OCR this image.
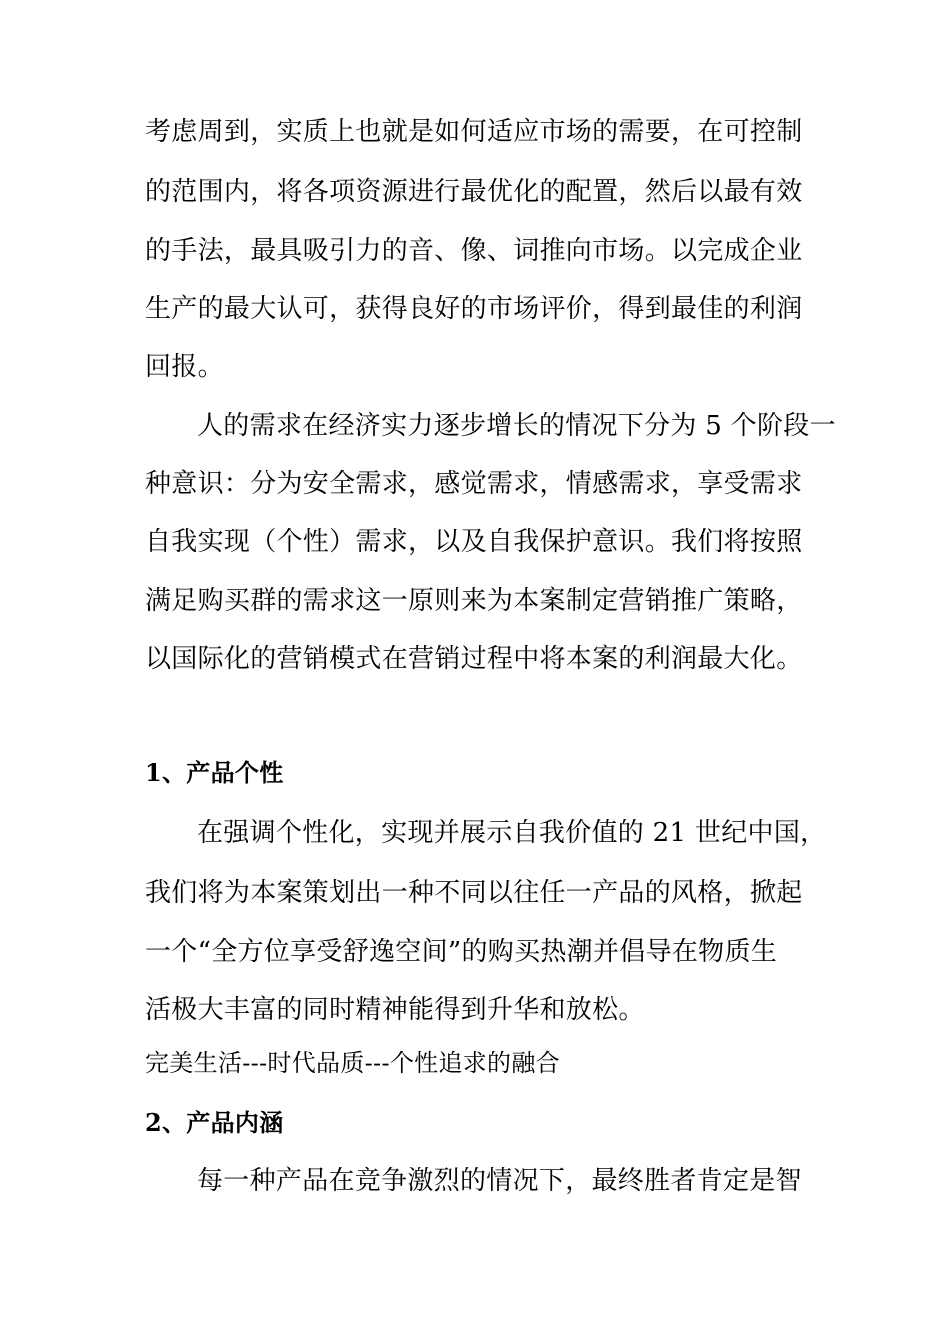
考虑周到，实质上也就是如何适应市场的需要，在可控制
的范围内，将各项资源进行最优化的配置，然后以最有效
的手法，最具吸引力的音、像、词推向市场。以完成企业
生产的最大认可，获得良好的市场评价，得到最佳的利润
回报。
人的需求在经济实力逐步增长的情况下分为 5 个阶段一
种意识：分为安全需求，感觉需求，情感需求，享受需求
自我实现（个性）需求，以及自我保护意识。我们将按照
满足购买群的需求这一原则来为本案制定营销推广策略，
以国际化的营销模式在营销过程中将本案的利润最大化。
1、产品个性
在强调个性化，实现并展示自我价值的 21 世纪中国，
我们将为本案策划出一种不同以往任一产品的风格，掀起
一个“全方位享受舒逸空间”的购买热潮并倡导在物质生
活极大丰富的同时精神能得到升华和放松。
完美生活---时代品质---个性追求的融合
2、产品内涵
每一种产品在竞争激烈的情况下，最终胜者肯定是智
